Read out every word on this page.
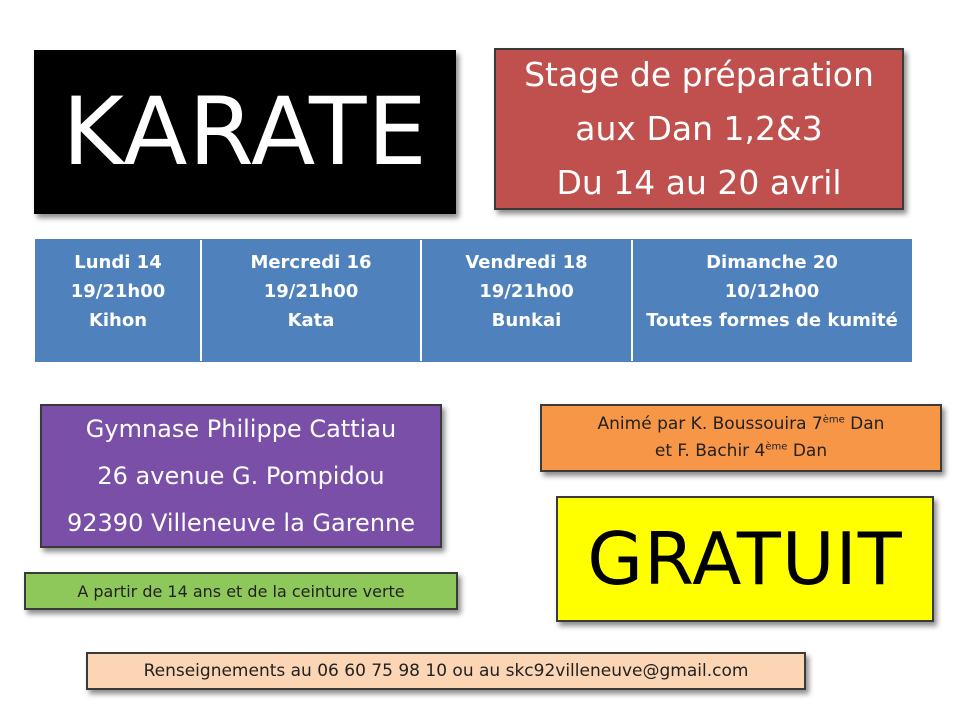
KARATE
Stage de préparation
aux Dan 1,2&3
Du 14 au 20 avril
Lundi 14
19/21h00
Kihon
Mercredi 16
19/21h00
Kata
Vendredi 18
19/21h00
Bunkai
Dimanche 20
10/12h00
Toutes formes de kumité
Gymnase Philippe Cattiau
26 avenue G. Pompidou
92390 Villeneuve la Garenne
Animé par K. Boussouira 7ème Dan
et F. Bachir 4ème Dan
A partir de 14 ans et de la ceinture verte	GRATUIT
Renseignements au 06 60 75 98 10 ou au skc92villeneuve@gmail.com
